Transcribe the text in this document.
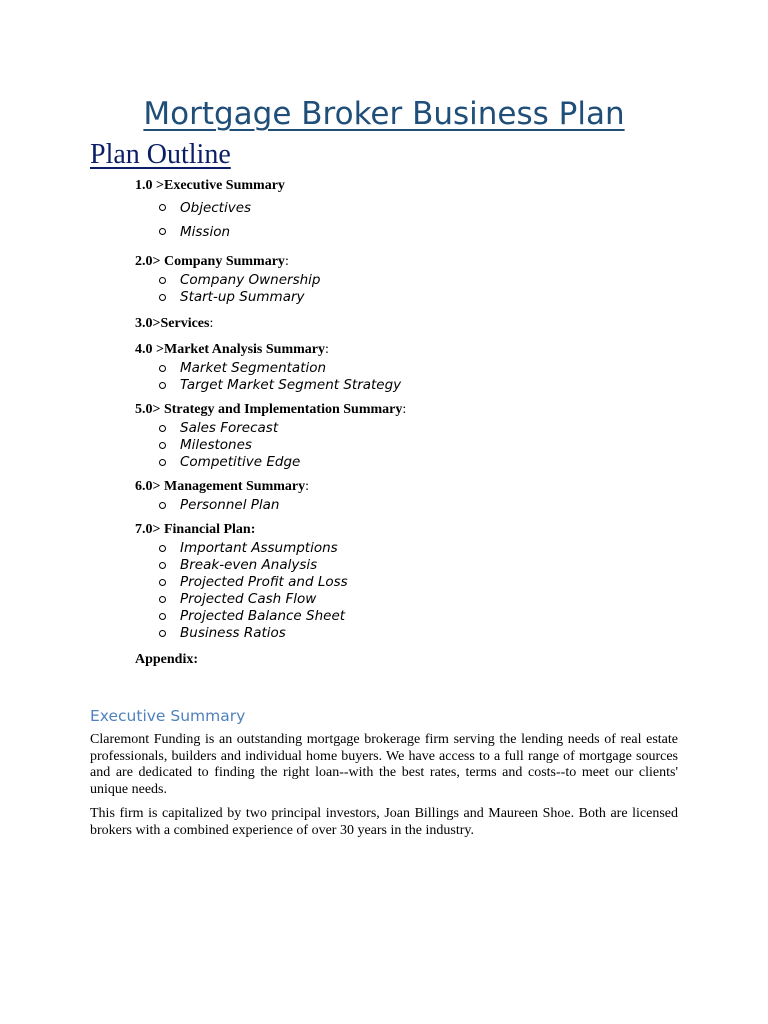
Mortgage Broker Business Plan
Plan Outline
1.0 >Executive Summary
Objectives
Mission
2.0> Company Summary:
Company Ownership
Start-up Summary
3.0>Services:
4.0 >Market Analysis Summary:
Market Segmentation
Target Market Segment Strategy
5.0> Strategy and Implementation Summary:
Sales Forecast
Milestones
Competitive Edge
6.0> Management Summary:
Personnel Plan
7.0> Financial Plan:
Important Assumptions
Break-even Analysis
Projected Profit and Loss
Projected Cash Flow
Projected Balance Sheet
Business Ratios
Appendix:
Executive Summary

Claremont Funding is an outstanding mortgage brokerage firm serving the lending needs of real estate professionals, builders and individual home buyers. We have access to a full range of mortgage sources and are dedicated to finding the right loan--with the best rates, terms and costs--to meet our clients' unique needs.

This firm is capitalized by two principal investors, Joan Billings and Maureen Shoe. Both are licensed brokers with a combined experience of over 30 years in the industry.
